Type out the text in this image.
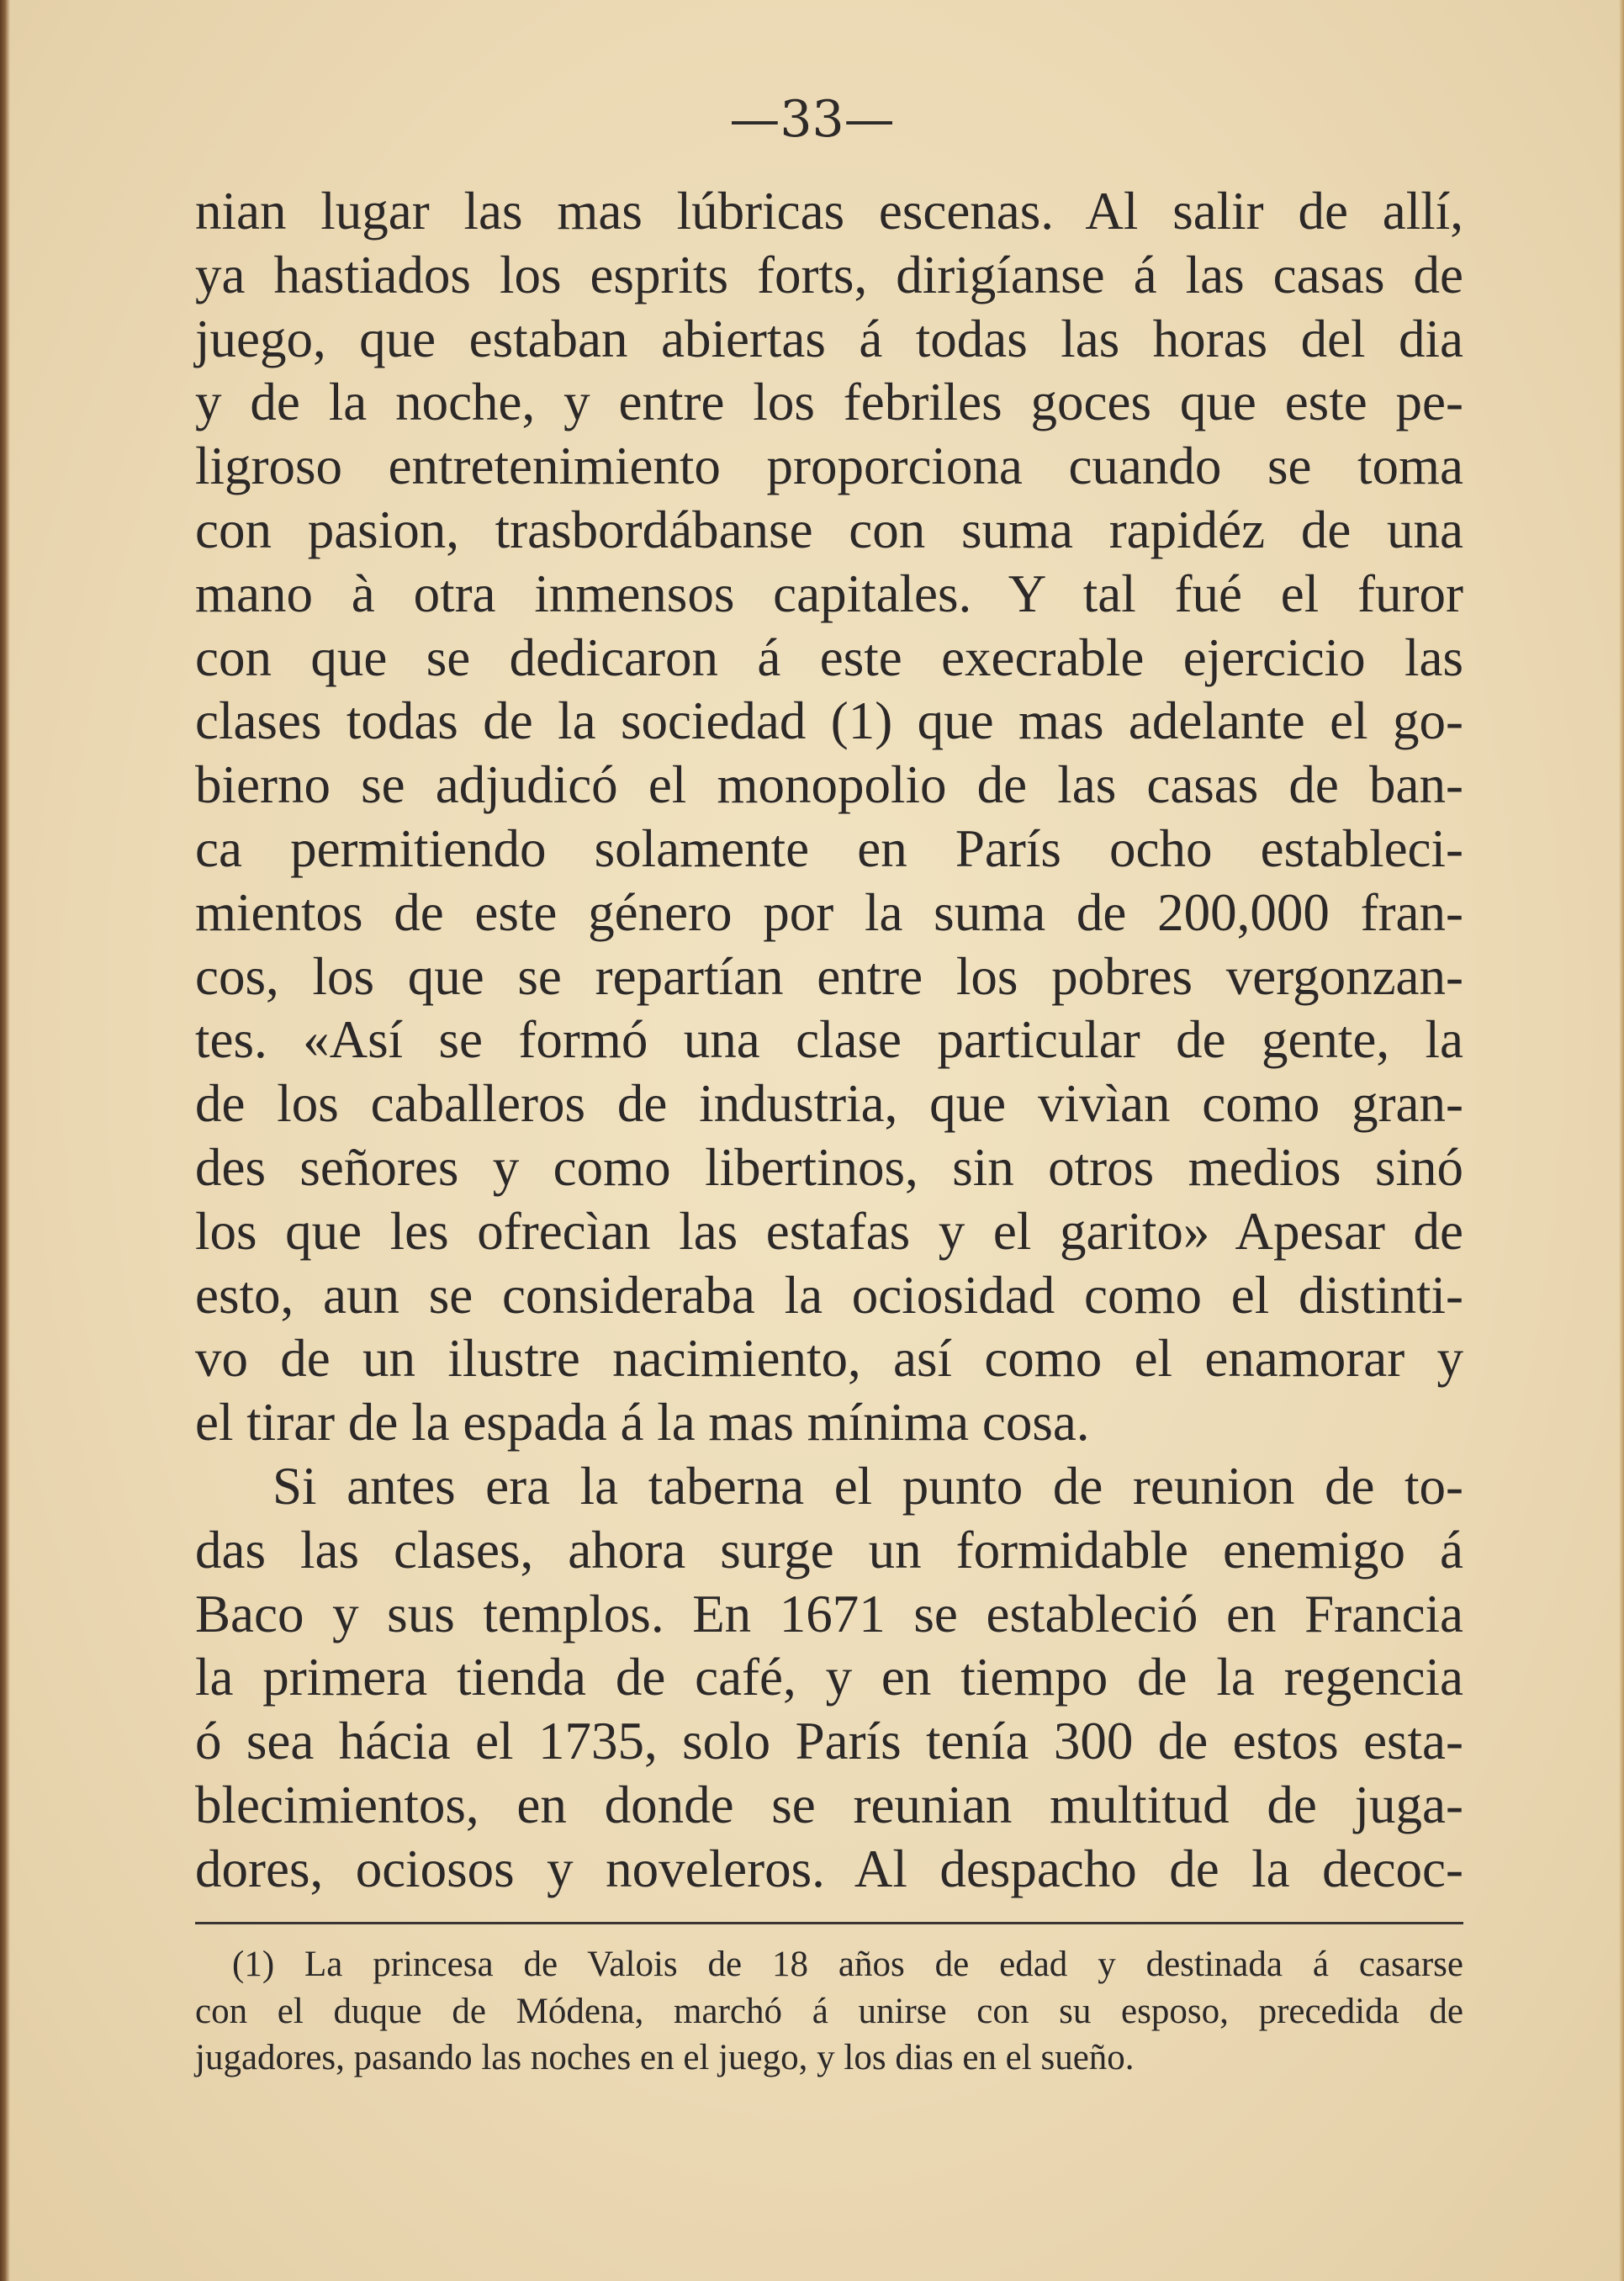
—33—
nian lugar las mas lúbricas escenas. Al salir de allí,
ya hastiados los esprits forts, dirigíanse á las casas de
juego, que estaban abiertas á todas las horas del dia
y de la noche, y entre los febriles goces que este pe-
ligroso entretenimiento proporciona cuando se toma
con pasion, trasbordábanse con suma rapidéz de una
mano à otra inmensos capitales. Y tal fué el furor
con que se dedicaron á este execrable ejercicio las
clases todas de la sociedad (1) que mas adelante el go-
bierno se adjudicó el monopolio de las casas de ban-
ca permitiendo solamente en París ocho estableci-
mientos de este género por la suma de 200,000 fran-
cos, los que se repartían entre los pobres vergonzan-
tes. «Así se formó una clase particular de gente, la
de los caballeros de industria, que vivìan como gran-
des señores y como libertinos, sin otros medios sinó
los que les ofrecìan las estafas y el garito» Apesar de
esto, aun se consideraba la ociosidad como el distinti-
vo de un ilustre nacimiento, así como el enamorar y
el tirar de la espada á la mas mínima cosa.
Si antes era la taberna el punto de reunion de to-
das las clases, ahora surge un formidable enemigo á
Baco y sus templos. En 1671 se estableció en Francia
la primera tienda de café, y en tiempo de la regencia
ó sea hácia el 1735, solo París tenía 300 de estos esta-
blecimientos, en donde se reunian multitud de juga-
dores, ociosos y noveleros. Al despacho de la decoc-
(1) La princesa de Valois de 18 años de edad y destinada á casarse
con el duque de Módena, marchó á unirse con su esposo, precedida de
jugadores, pasando las noches en el juego, y los dias en el sueño.
